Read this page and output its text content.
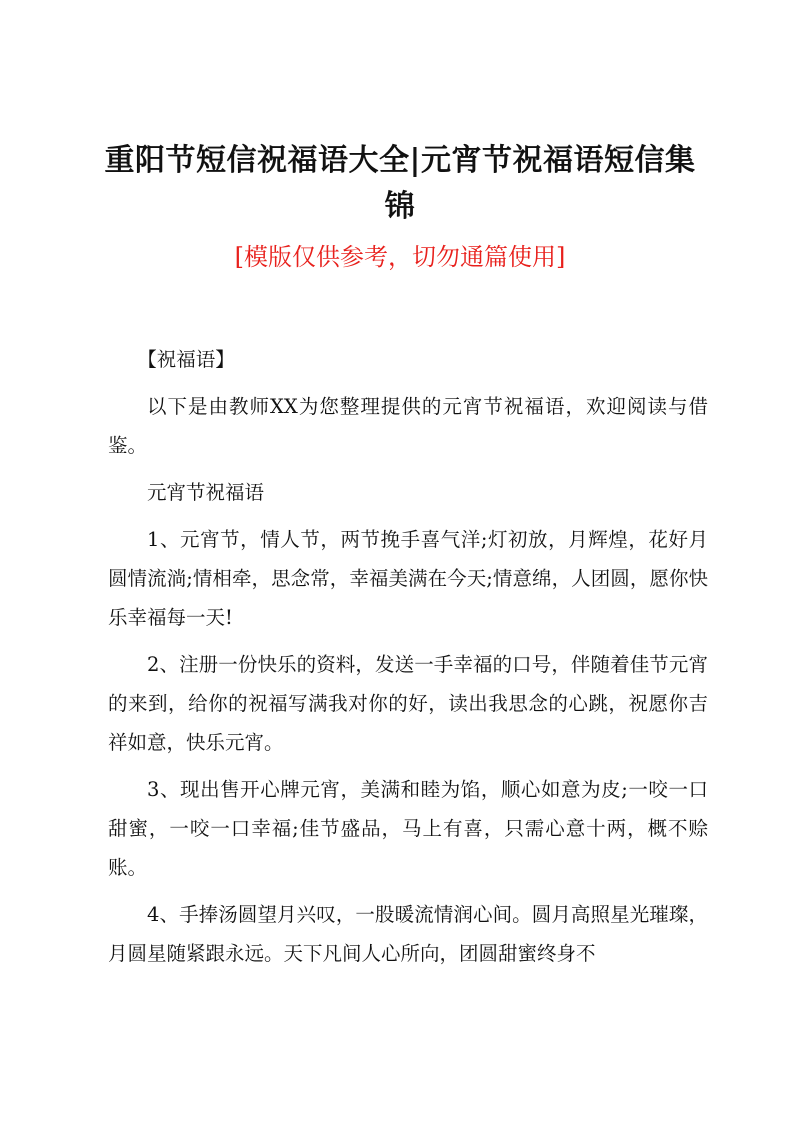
重阳节短信祝福语大全|元宵节祝福语短信集锦
[模版仅供参考，切勿通篇使用]

【祝福语】

以下是由教师XX为您整理提供的元宵节祝福语，欢迎阅读与借鉴。

元宵节祝福语

1、元宵节，情人节，两节挽手喜气洋;灯初放，月辉煌，花好月圆情流淌;情相牵，思念常，幸福美满在今天;情意绵，人团圆，愿你快乐幸福每一天!

2、注册一份快乐的资料，发送一手幸福的口号，伴随着佳节元宵的来到，给你的祝福写满我对你的好，读出我思念的心跳，祝愿你吉祥如意，快乐元宵。

3、现出售开心牌元宵，美满和睦为馅，顺心如意为皮;一咬一口甜蜜，一咬一口幸福;佳节盛品，马上有喜，只需心意十两，概不赊账。

4、手捧汤圆望月兴叹，一股暖流情润心间。圆月高照星光璀璨，月圆星随紧跟永远。天下凡间人心所向，团圆甜蜜终身不
